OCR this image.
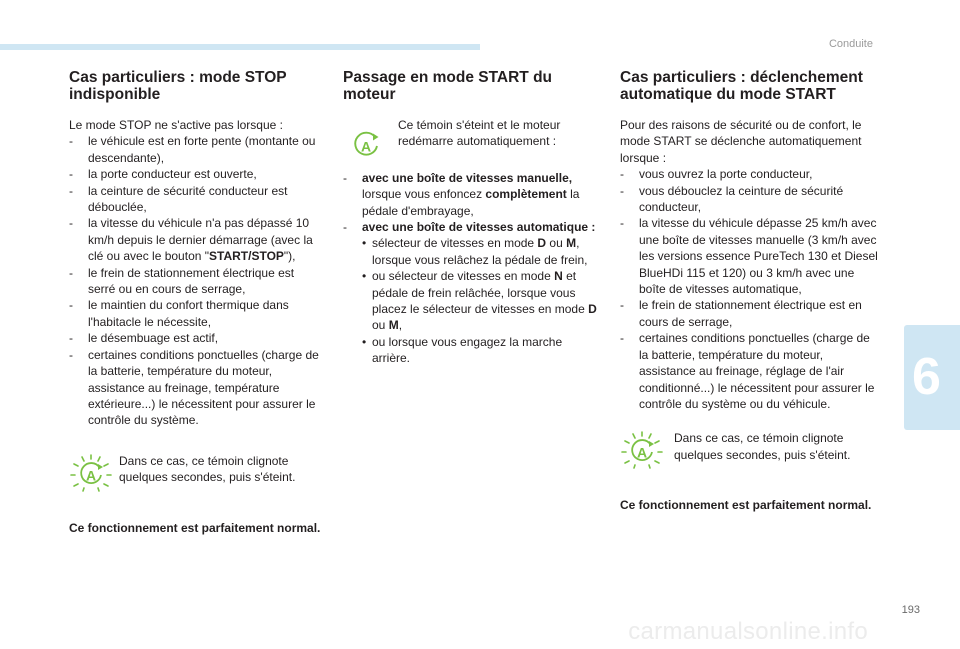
Conduite
6
Cas particuliers : mode STOP indisponible

Le mode STOP ne s'active pas lorsque :

- le véhicule est en forte pente (montante ou descendante),
- la porte conducteur est ouverte,
- la ceinture de sécurité conducteur est débouclée,
- la vitesse du véhicule n'a pas dépassé 10 km/h depuis le dernier démarrage (avec la clé ou avec le bouton "START/STOP"),
- le frein de stationnement électrique est serré ou en cours de serrage,
- le maintien du confort thermique dans l'habitacle le nécessite,
- le désembuage est actif,
- certaines conditions ponctuelles (charge de la batterie, température du moteur, assistance au freinage, température extérieure...) le nécessitent pour assurer le contrôle du système.
A

Dans ce cas, ce témoin clignote quelques secondes, puis s'éteint.

Ce fonctionnement est parfaitement normal.

Passage en mode START du moteur
A

Ce témoin s'éteint et le moteur redémarre automatiquement :

- avec une boîte de vitesses manuelle,
lorsque vous enfoncez complètement la pédale d'embrayage,
- avec une boîte de vitesses automatique :
• sélecteur de vitesses en mode D ou M, lorsque vous relâchez la pédale de frein,
• ou sélecteur de vitesses en mode N et pédale de frein relâchée, lorsque vous placez le sélecteur de vitesses en mode D ou M,
• ou lorsque vous engagez la marche arrière.
Cas particuliers : déclenchement automatique du mode START

Pour des raisons de sécurité ou de confort, le mode START se déclenche automatiquement lorsque :

- vous ouvrez la porte conducteur,
- vous débouclez la ceinture de sécurité conducteur,
- la vitesse du véhicule dépasse 25 km/h avec une boîte de vitesses manuelle (3 km/h avec les versions essence PureTech 130 et Diesel BlueHDi 115 et 120) ou 3 km/h avec une boîte de vitesses automatique,
- le frein de stationnement électrique est en cours de serrage,
- certaines conditions ponctuelles (charge de la batterie, température du moteur, assistance au freinage, réglage de l'air conditionné...) le nécessitent pour assurer le contrôle du système ou du véhicule.
A

Dans ce cas, ce témoin clignote quelques secondes, puis s'éteint.

Ce fonctionnement est parfaitement normal.

193
carmanualsonline.info
